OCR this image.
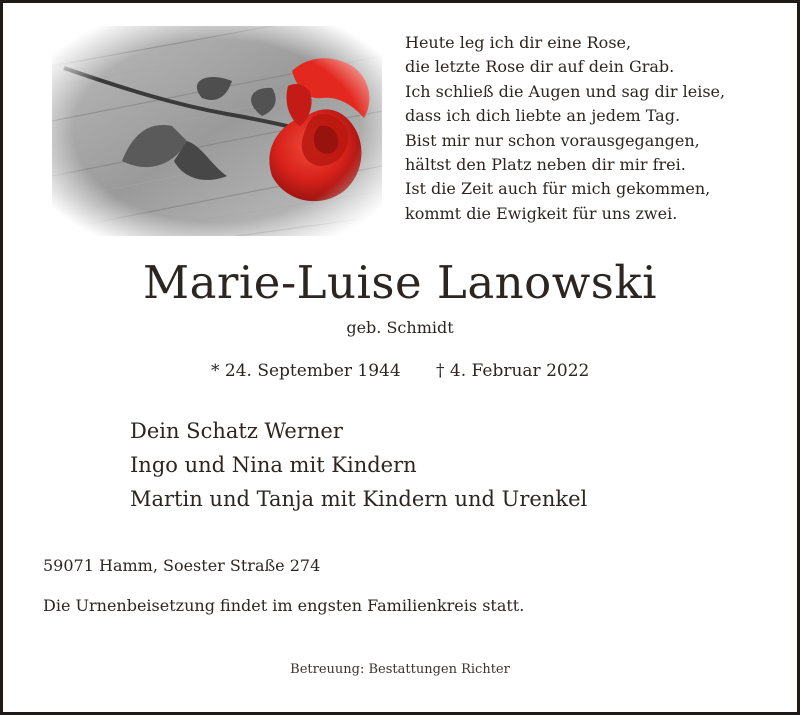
Heute leg ich dir eine Rose,
die letzte Rose dir auf dein Grab.
Ich schließ die Augen und sag dir leise,
dass ich dich liebte an jedem Tag.
Bist mir nur schon vorausgegangen,
hältst den Platz neben dir mir frei.
Ist die Zeit auch für mich gekommen,
kommt die Ewigkeit für uns zwei.
Marie-Luise Lanowski
geb. Schmidt
* 24. September 1944 † 4. Februar 2022
Dein Schatz Werner
Ingo und Nina mit Kindern
Martin und Tanja mit Kindern und Urenkel
59071 Hamm, Soester Straße 274
Die Urnenbeisetzung findet im engsten Familienkreis statt.
Betreuung: Bestattungen Richter
